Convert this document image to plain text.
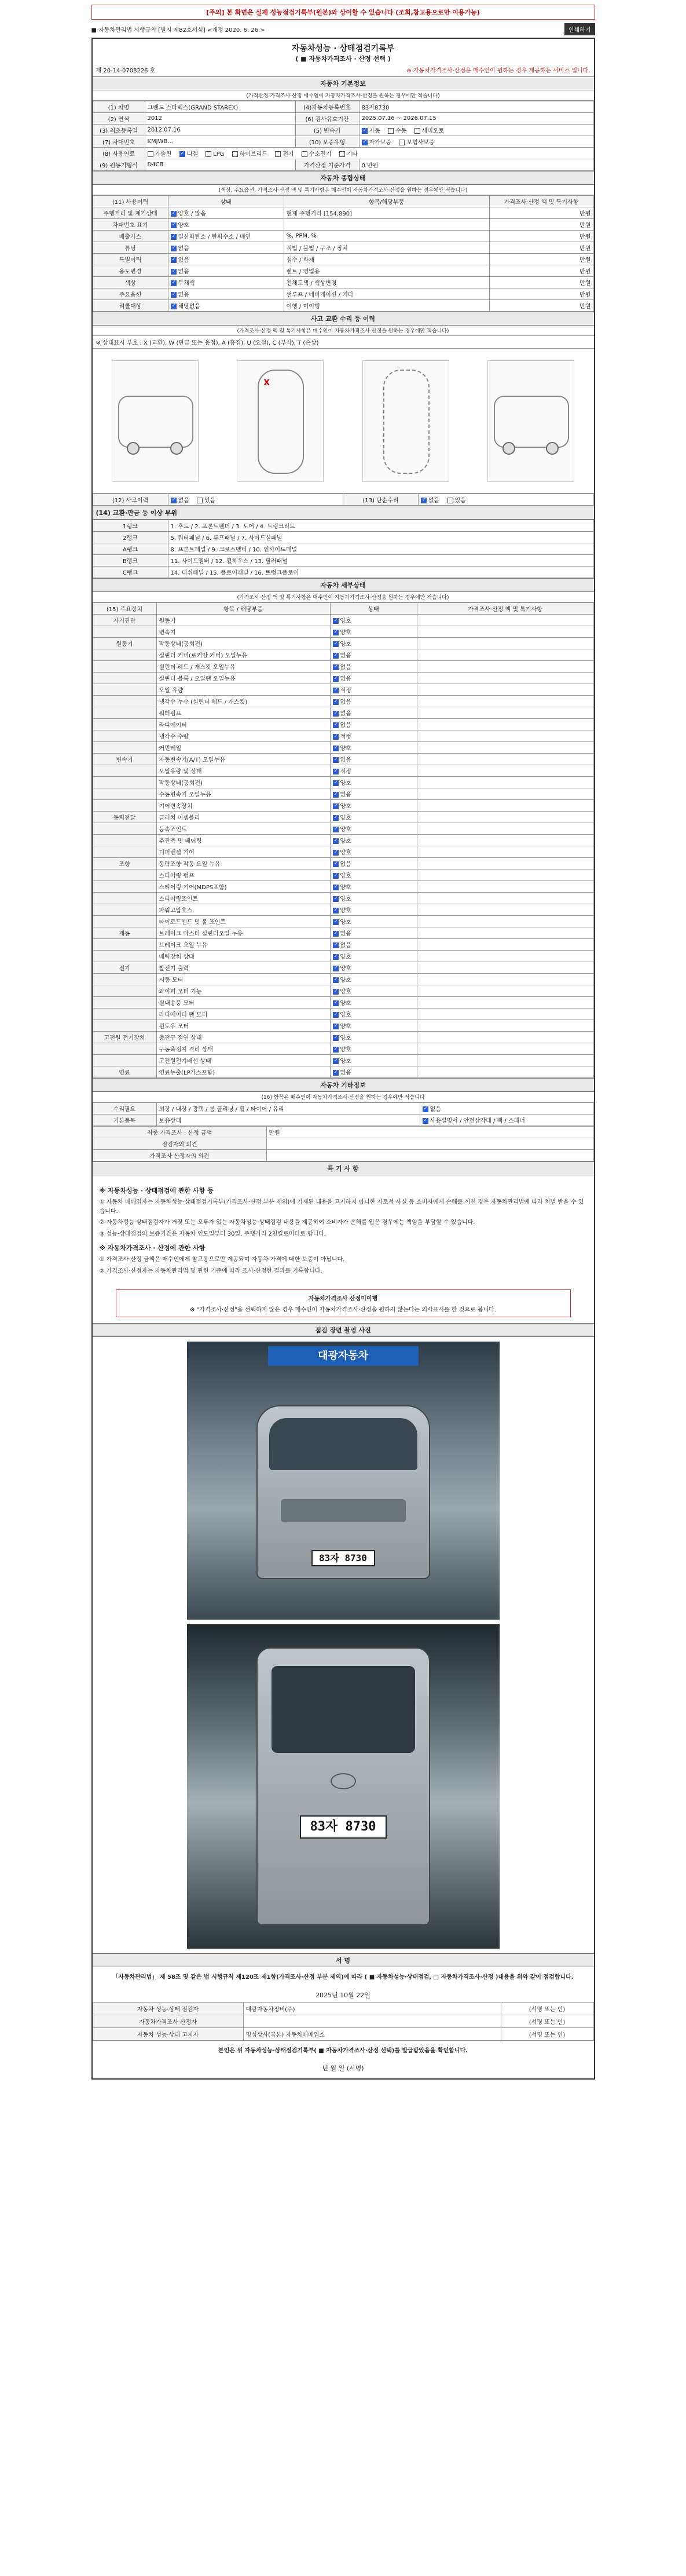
[주의] 본 화면은 실제 성능점검기록부(원본)와 상이할 수 있습니다 (조회,참고용으로만 이용가능)
■ 자동차관리법 시행규칙 [별지 제82호서식] <개정 2020. 6. 26.>	인쇄하기
자동차성능 · 상태점검기록부
( ■ 자동차가격조사 · 산정 선택 )
제 20-14-0708226 호	※ 자동차가격조사·산정은 매수인이 원하는 경우 제공하는 서비스 입니다.
자동차 기본정보
(가격산정 가격조사·산정 매수인이 자동차가격조사·산정을 원하는 경우에만 적습니다)
(1) 차명	그랜드 스타렉스(GRAND STAREX)	(4)자동차등록번호	83자8730
(2) 연식	2012	(6) 검사유효기간	2025.07.16 ~ 2026.07.15
(3) 최초등록일	2012.07.16	(5) 변속기	✓자동 수동 세미오토
(7) 차대번호	KMJWB...	(10) 보증유형	✓자가보증 보험사보증
(8) 사용연료	가솔린 ✓ 디젤 LPG 하이브리드 전기 수소전기 기타
(9) 원동기형식	D4CB	가격산정 기준가격	0 만원
자동차 종합상태
(색상, 주요옵션, 가격조사·산정 액 및 특기사항은 매수인이 자동차가격조사·산정을 원하는 경우에만 적습니다)
(11) 사용이력	상태	항목/해당부품	가격조사·산정 액 및 특기사항
주행거리 및 계기상태	✓양호 / 많음	현재 주행거리 [154,890]	만원
차대번호 표기	✓양호		만원
배출가스	✓일산화탄소 / 탄화수소 / 매연	%, PPM, %	만원
튜닝	✓없음	적법 / 불법 / 구조 / 장치	만원
특별이력	✓없음	침수 / 화재	만원
용도변경	✓없음	렌트 / 영업용	만원
색상	✓무채색	전체도색 / 색상변경	만원
주요옵션	✓없음	썬루프 / 네비게이션 / 기타	만원
리콜대상	✓해당없음	이행 / 미이행	만원
사고 교환 수리 등 이력
(가격조사·산정 액 및 특기사항은 매수인이 자동차가격조사·산정을 원하는 경우에만 적습니다)
※ 상태표시 부호 : X (교환), W (판금 또는 용접), A (흠집), U (요철), C (부식), T (손상)
X
(12) 사고이력	✓없음	있음	(13) 단순수리	✓없음	있음
(14) 교환·판금 등 이상 부위
1랭크	1. 후드 / 2. 프론트펜더 / 3. 도어 / 4. 트렁크리드
2랭크	5. 쿼터패널 / 6. 루프패널 / 7. 사이드실패널
A랭크	8. 프론트패널 / 9. 크로스멤버 / 10. 인사이드패널
B랭크	11. 사이드멤버 / 12. 휠하우스 / 13. 필러패널
C랭크	14. 대쉬패널 / 15. 플로어패널 / 16. 트렁크플로어
자동차 세부상태
(가격조사·산정 액 및 특기사항은 매수인이 자동차가격조사·산정을 원하는 경우에만 적습니다)
(15) 주요장치	항목 / 해당부품	상태	가격조사·산정 액 및 특기사항
자기진단	원동기	✓양호	
	변속기	✓양호	
원동기	작동상태(공회전)	✓양호	
	실린더 커버(로커암 커버) 오일누유	✓없음	
	실린더 헤드 / 개스킷 오일누유	✓없음	
	실린더 블록 / 오일팬 오일누유	✓없음	
	오일 유량	✓적정	
	냉각수 누수 (실린더 헤드 / 개스킷)	✓없음	
	워터펌프	✓없음	
	라디에이터	✓없음	
	냉각수 수량	✓적정	
	커먼레일	✓양호	
변속기	자동변속기(A/T) 오일누유	✓없음	
	오일유량 및 상태	✓적정	
	작동상태(공회전)	✓양호	
	수동변속기 오일누유	✓없음	
	기어변속장치	✓양호	
동력전달	클러치 어셈블리	✓양호	
	등속조인트	✓양호	
	추진축 및 베어링	✓양호	
	디퍼렌셜 기어	✓양호	
조향	동력조향 작동 오일 누유	✓없음	
	스티어링 펌프	✓양호	
	스티어링 기어(MDPS포함)	✓양호	
	스티어링조인트	✓양호	
	파워고압호스	✓양호	
	타이로드엔드 및 볼 조인트	✓양호	
제동	브레이크 마스터 실린더오일 누유	✓없음	
	브레이크 오일 누유	✓없음	
	배력장치 상태	✓양호	
전기	발전기 출력	✓양호	
	시동 모터	✓양호	
	와이퍼 모터 기능	✓양호	
	실내송풍 모터	✓양호	
	라디에이터 팬 모터	✓양호	
	윈도우 모터	✓양호	
고전원 전기장치	충전구 절연 상태	✓양호	
	구동축전지 격리 상태	✓양호	
	고전원전기배선 상태	✓양호	
연료	연료누출(LP가스포함)	✓없음	
자동차 기타정보
(16) 항목은 매수인이 자동차가격조사·산정을 원하는 경우에만 적습니다
수리필요	외장 / 내장 / 광택 / 룸 클리닝 / 휠 / 타이어 / 유리	✓없음
기본품목	보유상태	✓사용설명서 / 안전삼각대 / 잭 / 스패너
최종 가격조사 · 산정 금액	만원
점검자의 의견	
가격조사·산정자의 의견	
특 기 사 항
※ 자동차성능 · 상태점검에 관한 사항 등

① 자동차 매매업자는 자동차성능·상태점검기록부(가격조사·산정 부분 제외)에 기재된 내용을 고지하지 아니한 자로서 사실 등 소비자에게 손해를 끼친 경우 자동차관리법에 따라 처벌 받을 수 있습니다.

② 자동차성능·상태점검자가 거짓 또는 오류가 있는 자동차성능·상태점검 내용을 제공하여 소비자가 손해를 입은 경우에는 책임을 부담할 수 있습니다.

③ 성능·상태점검의 보증기간은 자동차 인도일부터 30일, 주행거리 2천킬로미터로 합니다.

※ 자동차가격조사 · 산정에 관한 사항

① 가격조사·산정 금액은 매수인에게 참고용으로만 제공되며 자동차 가격에 대한 보증이 아닙니다.

② 가격조사·산정자는 자동차관리법 및 관련 기준에 따라 조사·산정한 결과를 기록합니다.

자동차가격조사 산정미이행
※ "가격조사·산정"을 선택하지 않은 경우 매수인이 자동차가격조사·산정을 원하지 않는다는 의사표시를 한 것으로 봅니다.
점검 장면 촬영 사진
대광자동차
83자 8730
83자 8730
서 명
「자동차관리법」 제 58조 및 같은 법 시행규칙 제120조 제1항(가격조사·산정 부분 제외)에 따라 ( ■ 자동차성능·상태점검, □ 자동차가격조사·산정 )내용을 위와 같이 점검합니다.
2025년 10월 22일
자동차 성능·상태 점검자	대광자동차정비(주)	(서명 또는 인)
자동차가격조사·산정자		(서명 또는 인)
자동차 성능·상태 고지자	명성상사(국본) 자동차매매업소	(서명 또는 인)
본인은 위 자동차성능·상태점검기록부( ■ 자동차가격조사·산정 선택)를 발급받았음을 확인합니다.
년 월 일 (서명)
